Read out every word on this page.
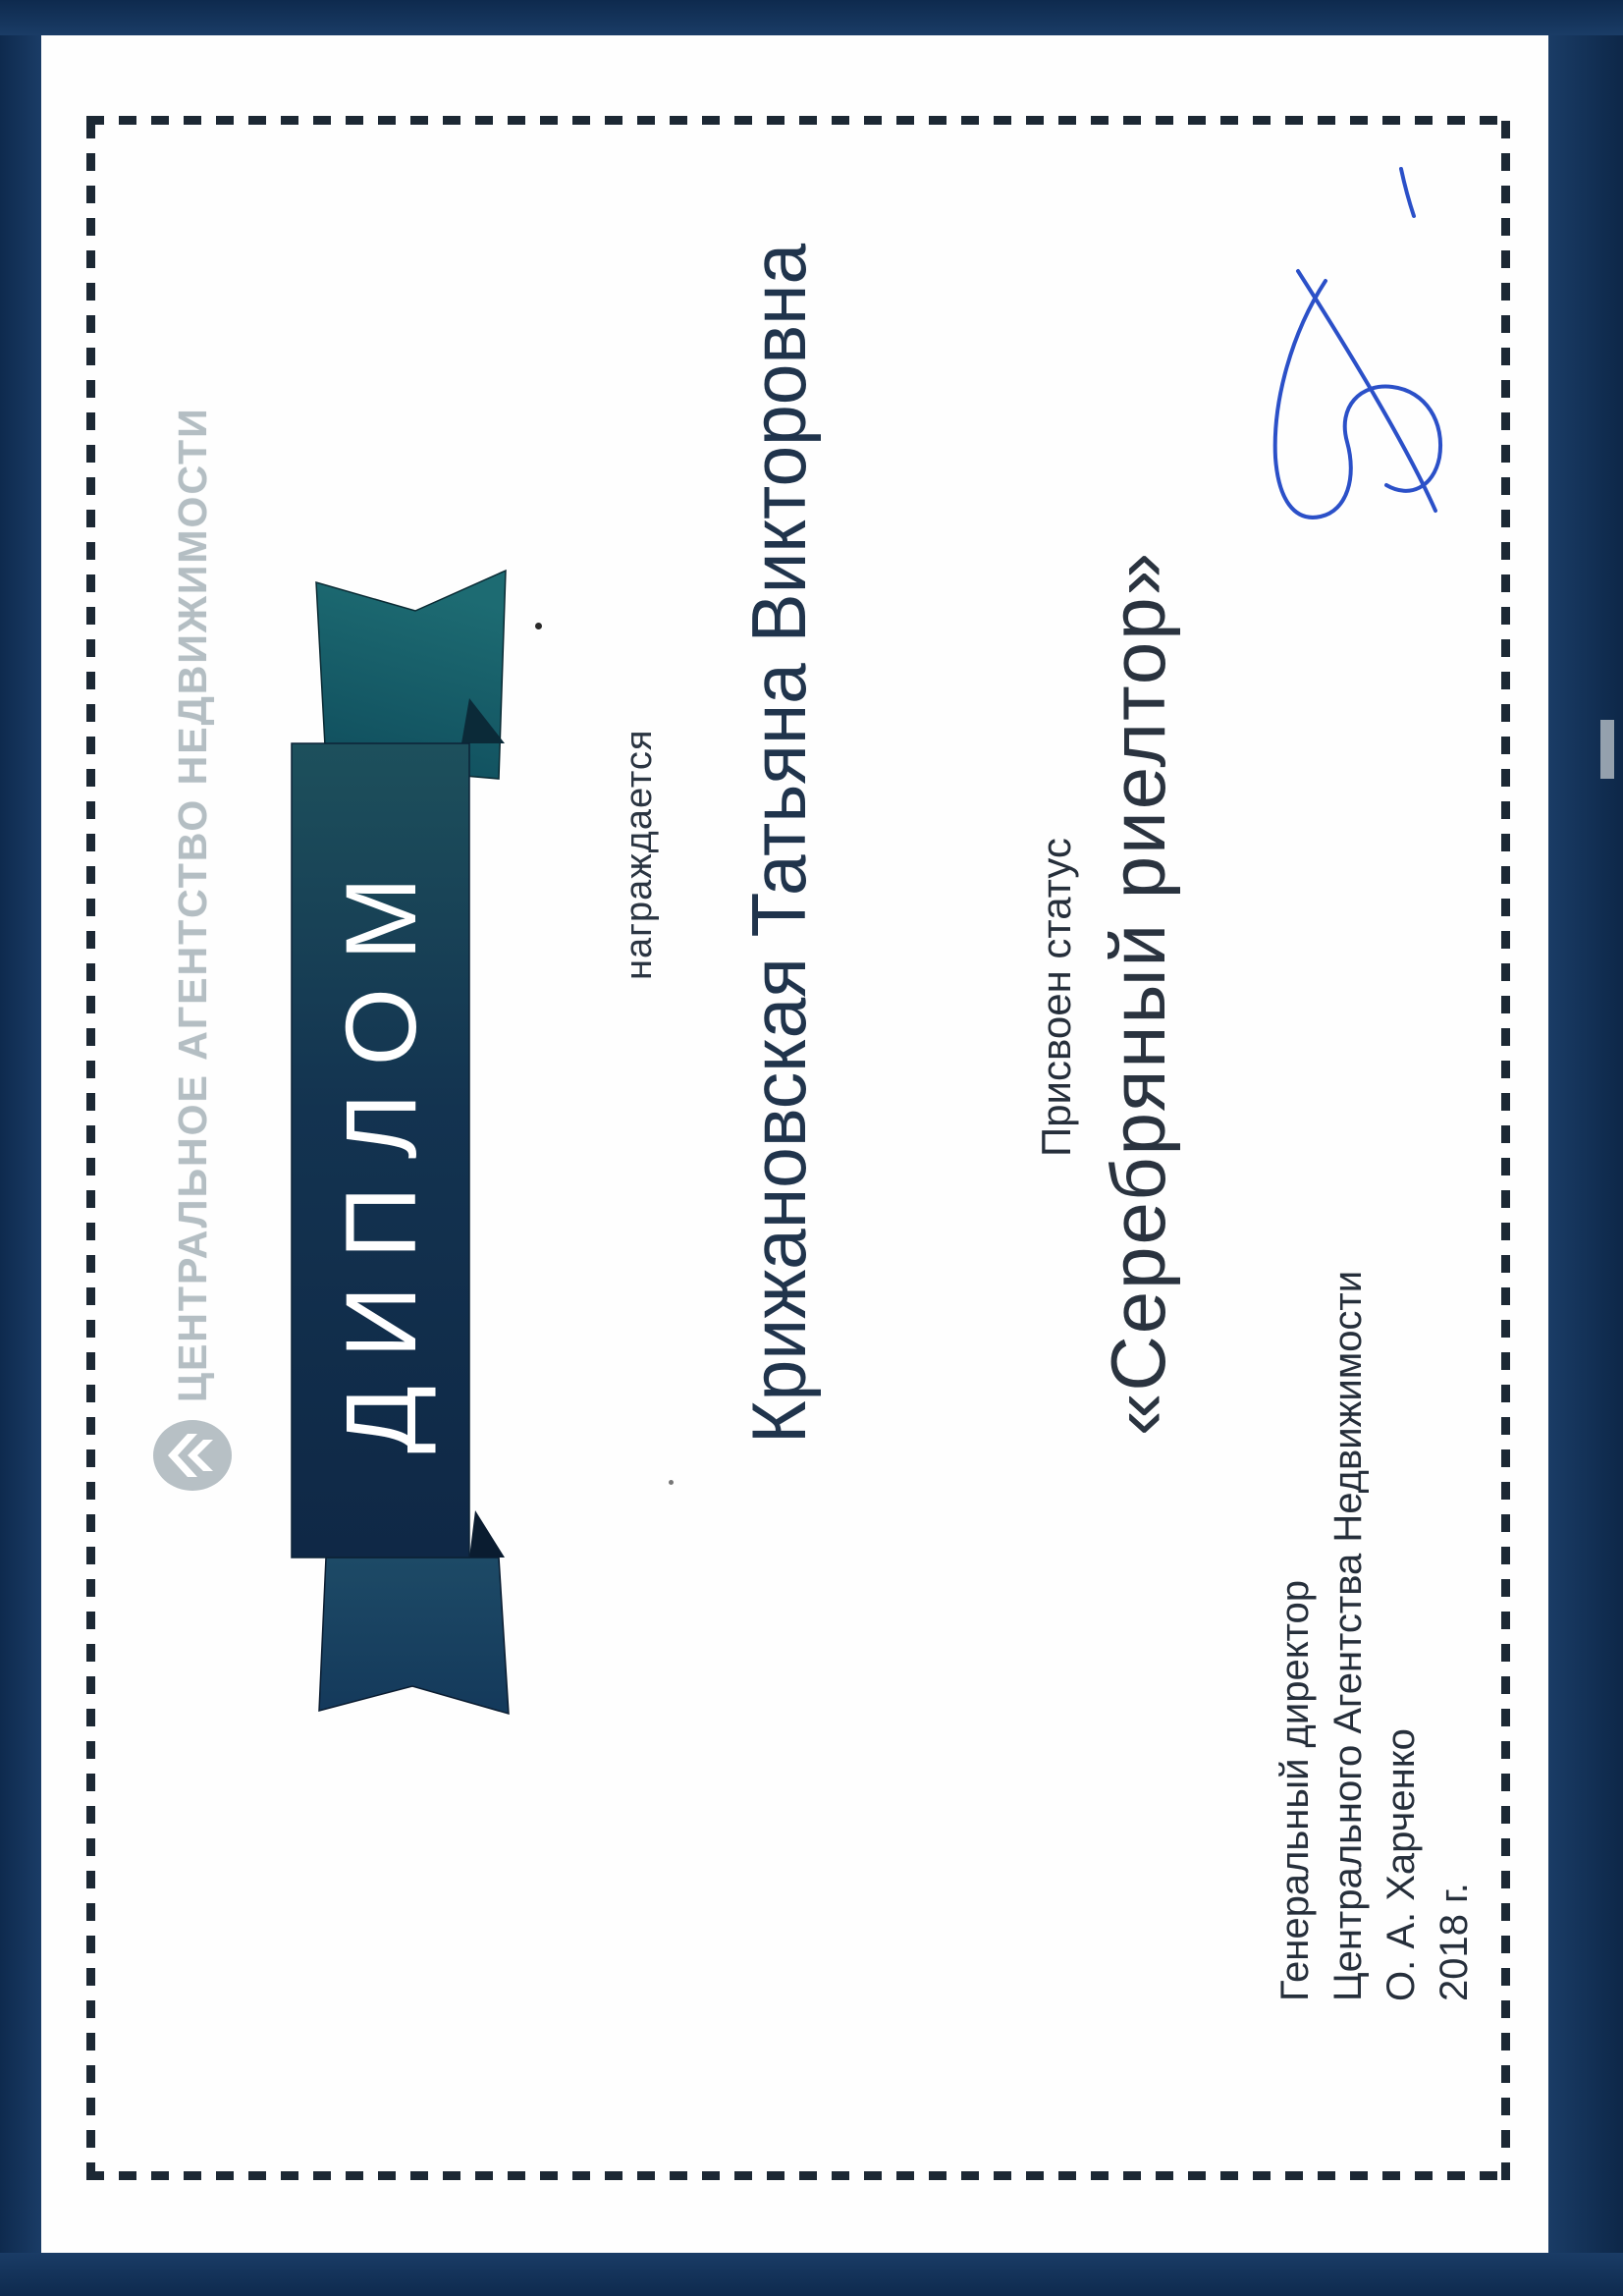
ЦЕНТРАЛЬНОЕ АГЕНТСТВО НЕДВИЖИМОСТИ	ДИПЛОМ	награждается Крижановская Татьяна Викторовна	Присвоен статус «Серебряный риелтор»
Генеральный директор Центрального Агентства Недвижимости О. А. Харченко 2018 г.
